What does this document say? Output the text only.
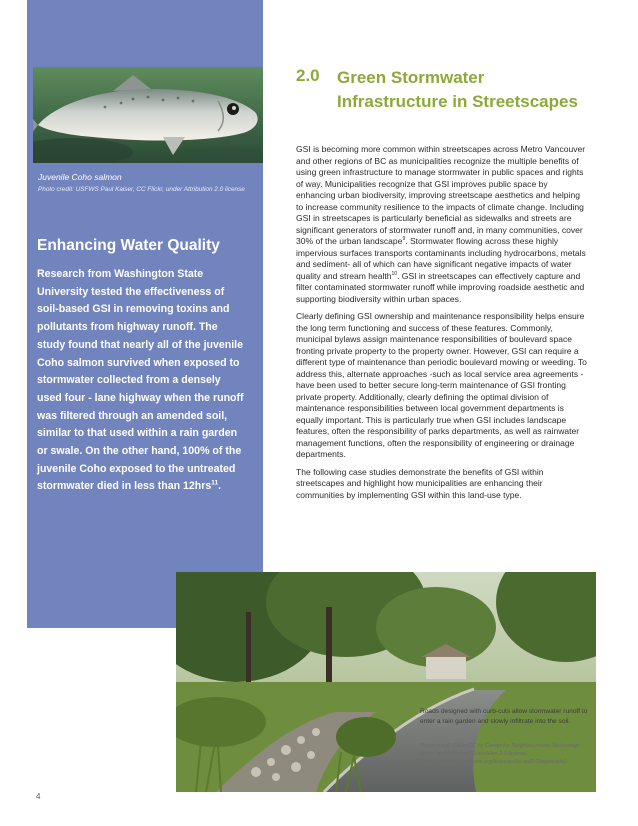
Juvenile Coho salmon
Photo credit: USFWS Paul Kaiser, CC Flickr, under Attribution 2.0 license
Enhancing Water Quality
Research from Washington State University tested the effectiveness of soil-based GSI in removing toxins and pollutants from highway runoff. The study found that nearly all of the juvenile Coho salmon survived when exposed to stormwater collected from a densely used four - lane highway when the runoff was filtered through an amended soil, similar to that used within a rain garden or swale. On the other hand, 100% of the juvenile Coho exposed to the untreated stormwater died in less than 12hrs$^{11}$.
2.0 Green Stormwater Infrastructure in Streetscapes

GSI is becoming more common within streetscapes across Metro Vancouver and other regions of BC as municipalities recognize the multiple benefits of using green infrastructure to manage stormwater in public spaces and rights of way. Municipalities recognize that GSI improves public space by enhancing urban biodiversity, improving streetscape aesthetics and helping to increase community resilience to the impacts of climate change. Including GSI in streetscapes is particularly beneficial as sidewalks and streets are significant generators of stormwater runoff and, in many communities, cover 30% of the urban landscape$^9$. Stormwater flowing across these highly impervious surfaces transports contaminants including hydrocarbons, metals and sediment- all of which can have significant negative impacts of water quality and stream health$^{10}$. GSI in streetscapes can effectively capture and filter contaminated stormwater runoff while improving roadside aesthetic and supporting biodiversity within urban spaces.

Clearly defining GSI ownership and maintenance responsibility helps ensure the long term functioning and success of these features. Commonly, municipal bylaws assign maintenance responsibilities of boulevard space fronting private property to the property owner. However, GSI can require a different type of maintenance than periodic boulevard mowing or weeding. To address this, alternate approaches -such as local service area agreements - have been used to better secure long-term maintenance of GSI fronting private property. Additionally, clearly defining the optimal division of maintenance responsibilities between local government departments is equally important. This is particularly true when GSI includes landscape features, often the responsibility of parks departments, as well as rainwater management functions, often the responsibility of engineering or drainage departments.

The following case studies demonstrate the benefits of GSI within streetscapes and highlight how municipalities are enhancing their communities by implementing GSI within this land-use type.

Roads designed with curb-cuts allow stormwater runoff to enter a rain garden and slowly infiltrate into the soil.
Photo credit: Flickr CC by Center for Neighbourhood Technology under an Attribution-ShareAlike 2.0 license (https://creativecommons.org/licenses/by-sa/2.0/legalcode)
4
